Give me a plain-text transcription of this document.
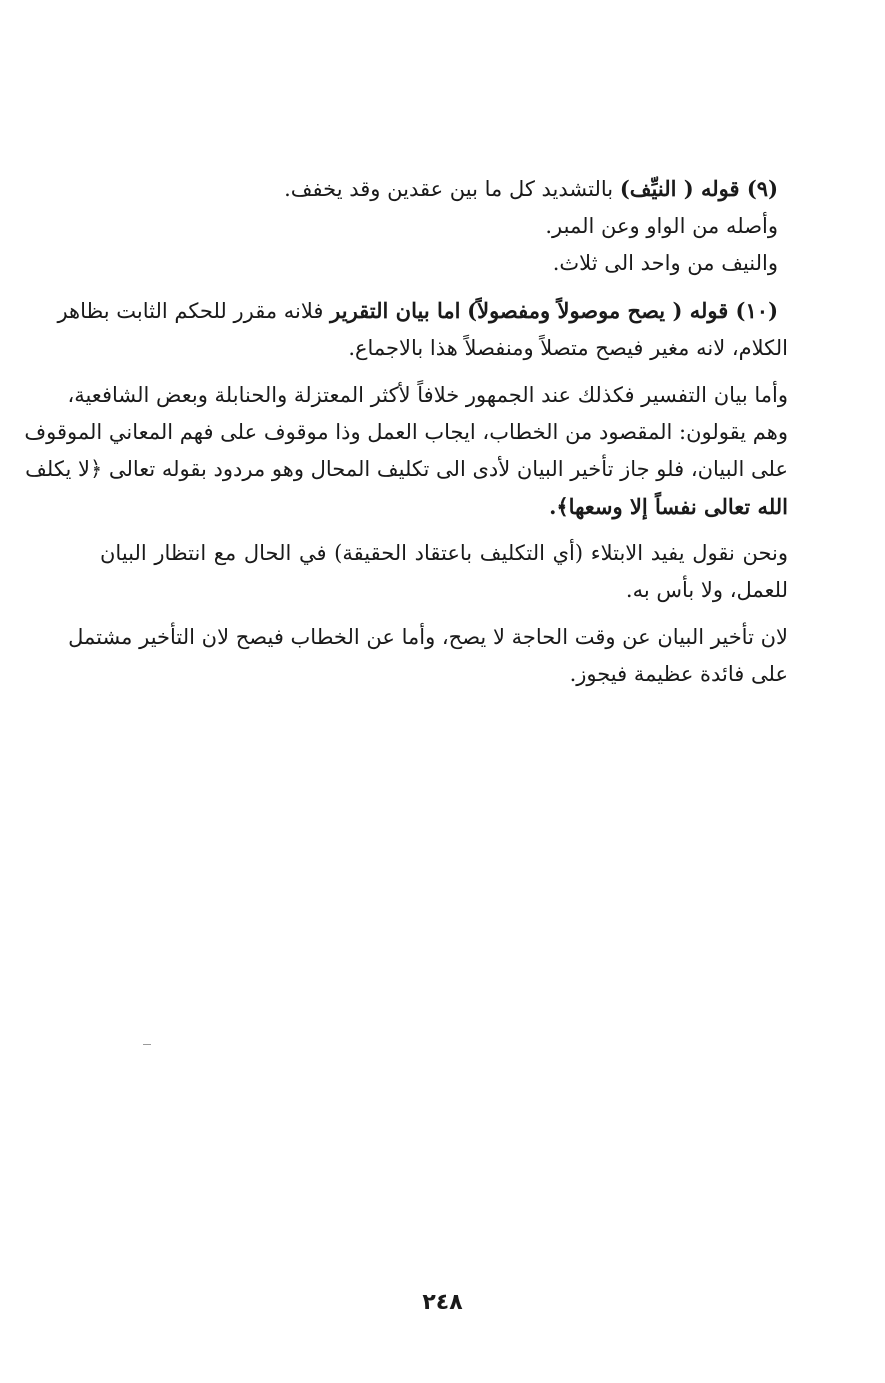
(٩) قوله ( النيِّف) بالتشديد كل ما بين عقدين وقد يخفف.
وأصله من الواو وعن المبر.
والنيف من واحد الى ثلاث.
(١٠) قوله ( يصح موصولاً ومفصولاً) اما بيان التقرير فلانه مقرر للحكم الثابت بظاهر
الكلام، لانه مغير فيصح متصلاً ومنفصلاً هذا بالاجماع.
وأما بيان التفسير فكذلك عند الجمهور خلافاً لأكثر المعتزلة والحنابلة وبعض الشافعية،
وهم يقولون: المقصود من الخطاب، ايجاب العمل وذا موقوف على فهم المعاني الموقوف
على البيان، فلو جاز تأخير البيان لأدى الى تكليف المحال وهو مردود بقوله تعالى ﴿لا يكلف
الله تعالى نفساً إلا وسعها﴾.
ونحن نقول يفيد الابتلاء (أي التكليف باعتقاد الحقيقة) في الحال مع انتظار البيان
للعمل، ولا بأس به.
لان تأخير البيان عن وقت الحاجة لا يصح، وأما عن الخطاب فيصح لان التأخير مشتمل
على فائدة عظيمة فيجوز.
٢٤٨
